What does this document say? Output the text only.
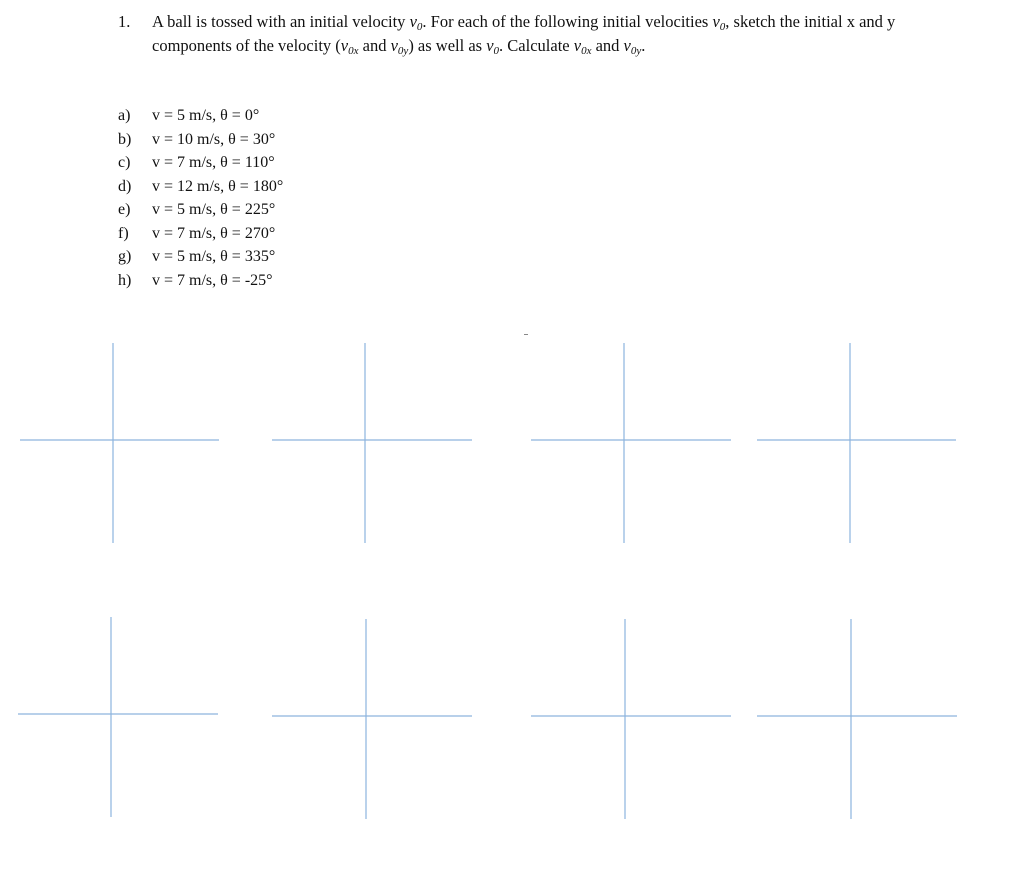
1. A ball is tossed with an initial velocity $v_0$. For each of the following initial velocities $v_0$, sketch the initial x and y components of the velocity ($v_{0x}$ and $v_{0y}$) as well as $v_0$. Calculate $v_{0x}$ and $v_{0y}$.
a) v = 5 m/s, θ = 0°
b) v = 10 m/s, θ = 30°
c) v = 7 m/s, θ = 110°
d) v = 12 m/s, θ = 180°
e) v = 5 m/s, θ = 225°
f) v = 7 m/s, θ = 270°
g) v = 5 m/s, θ = 335°
h) v = 7 m/s, θ = -25°
